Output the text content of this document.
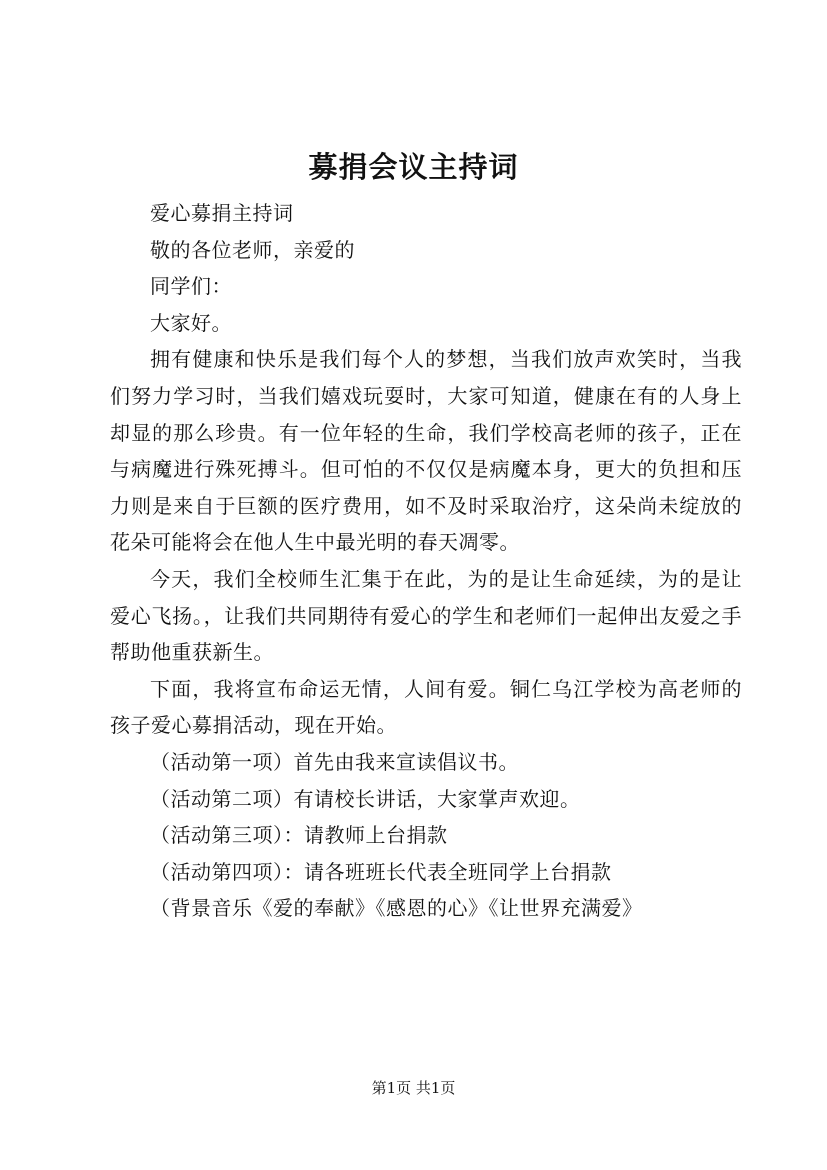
募捐会议主持词

爱心募捐主持词

敬的各位老师，亲爱的

同学们：

大家好。

拥有健康和快乐是我们每个人的梦想，当我们放声欢笑时，当我们努力学习时，当我们嬉戏玩耍时，大家可知道，健康在有的人身上却显的那么珍贵。有一位年轻的生命，我们学校高老师的孩子，正在与病魔进行殊死搏斗。但可怕的不仅仅是病魔本身，更大的负担和压力则是来自于巨额的医疗费用，如不及时采取治疗，这朵尚未绽放的花朵可能将会在他人生中最光明的春天凋零。

今天，我们全校师生汇集于在此，为的是让生命延续，为的是让爱心飞扬。，让我们共同期待有爱心的学生和老师们一起伸出友爱之手帮助他重获新生。

下面，我将宣布命运无情，人间有爱。铜仁乌江学校为高老师的孩子爱心募捐活动，现在开始。

（活动第一项）首先由我来宣读倡议书。

（活动第二项）有请校长讲话，大家掌声欢迎。

（活动第三项）：请教师上台捐款

（活动第四项）：请各班班长代表全班同学上台捐款

（背景音乐《爱的奉献》《感恩的心》《让世界充满爱》

第1页 共1页
